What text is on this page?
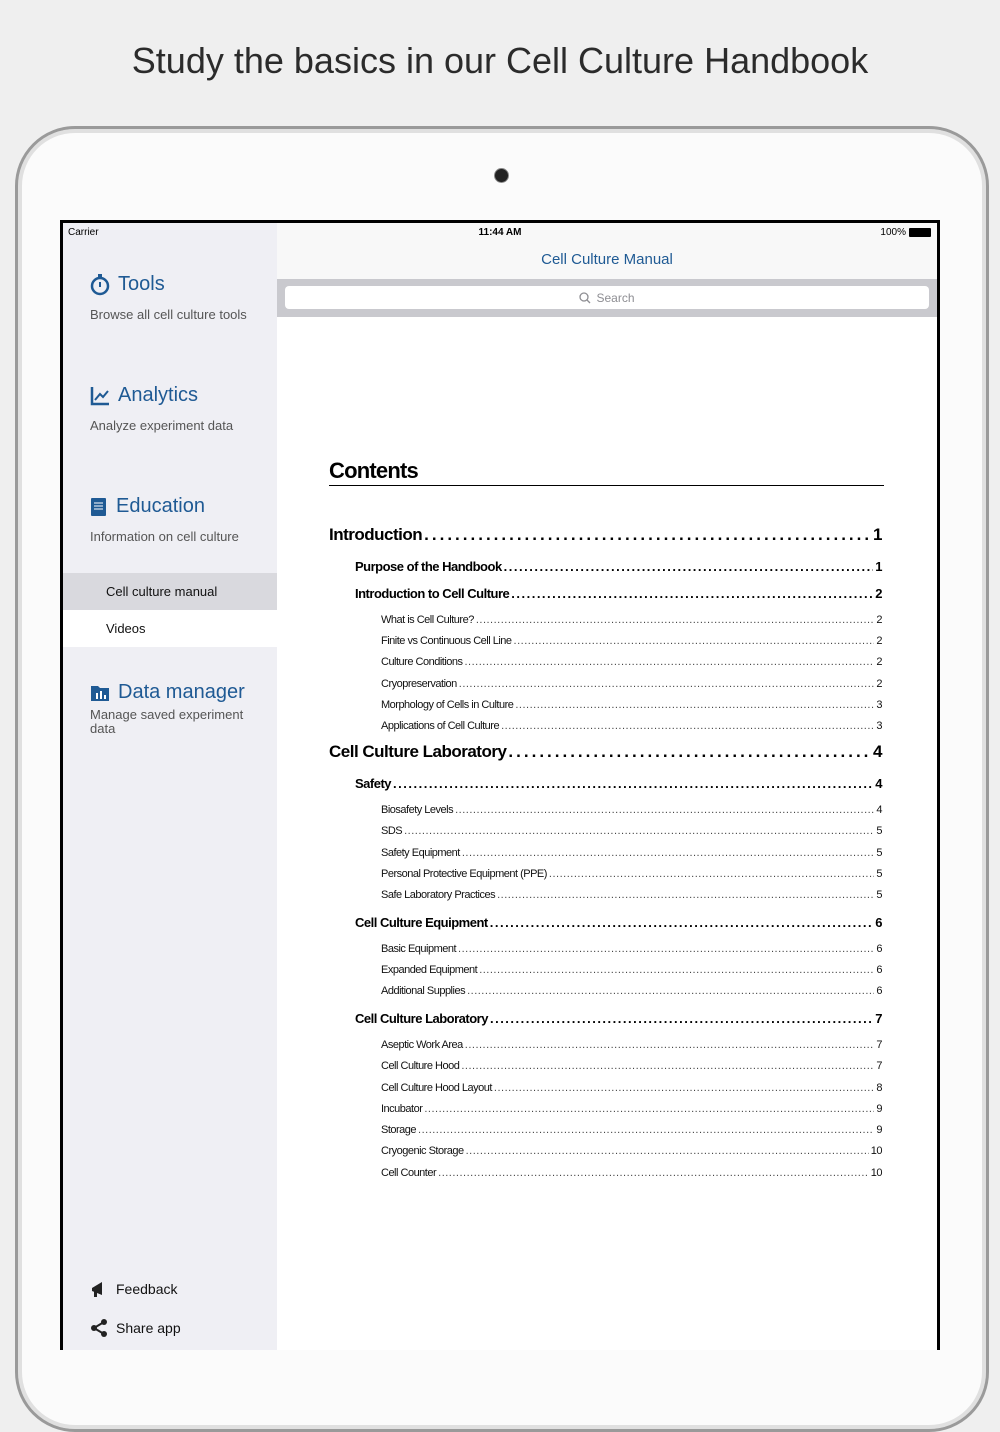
Study the basics in our Cell Culture Handbook
Carrier	11:44 AM	100%
Tools
Browse all cell culture tools
Analytics
Analyze experiment data
Education
Information on cell culture
Cell culture manual
Videos
Data manager
Manage saved experiment data
Feedback
Share app
Cell Culture Manual
Search
Contents
Introduction .....	1
Purpose of the Handbook .....	1
Introduction to Cell Culture .....	2
What is Cell Culture? .....	2
Finite vs Continuous Cell Line .....	2
Culture Conditions .....	2
Cryopreservation .....	2
Morphology of Cells in Culture .....	3
Applications of Cell Culture .....	3
Cell Culture Laboratory .....	4
Safety .....	4
Biosafety Levels .....	4
SDS .....	5
Safety Equipment .....	5
Personal Protective Equipment (PPE) .....	5
Safe Laboratory Practices .....	5
Cell Culture Equipment .....	6
Basic Equipment .....	6
Expanded Equipment .....	6
Additional Supplies .....	6
Cell Culture Laboratory .....	7
Aseptic Work Area .....	7
Cell Culture Hood .....	7
Cell Culture Hood Layout .....	8
Incubator .....	9
Storage .....	9
Cryogenic Storage .....	10
Cell Counter .....	10
